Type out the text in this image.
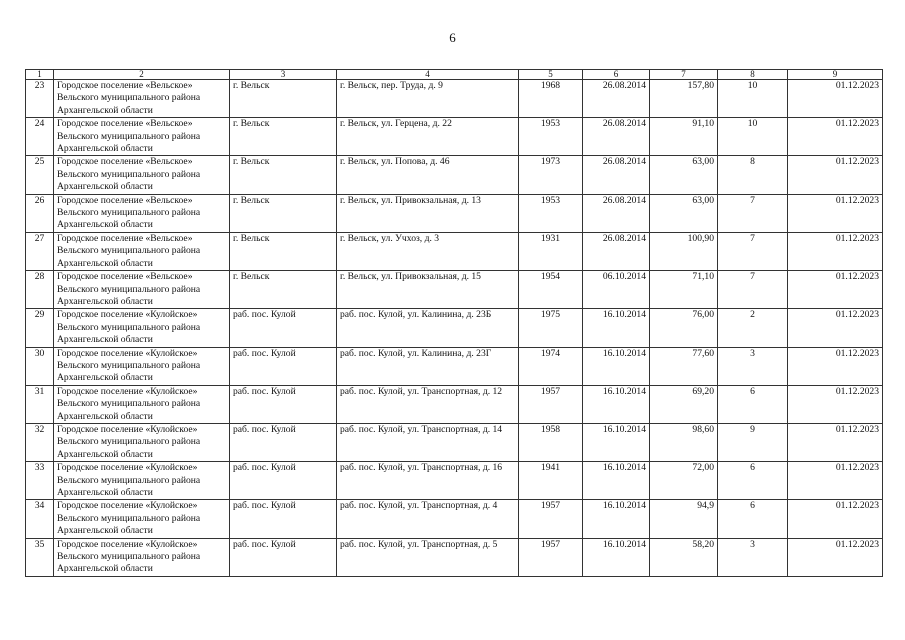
6
1	2	3	4	5	6	7	8	9
23	Городское поселение «Вельское» Вельского муниципального района Архангельской области	г. Вельск	г. Вельск, пер. Труда, д. 9	1968	26.08.2014	157,80	10	01.12.2023
24	Городское поселение «Вельское» Вельского муниципального района Архангельской области	г. Вельск	г. Вельск, ул. Герцена, д. 22	1953	26.08.2014	91,10	10	01.12.2023
25	Городское поселение «Вельское» Вельского муниципального района Архангельской области	г. Вельск	г. Вельск, ул. Попова, д. 46	1973	26.08.2014	63,00	8	01.12.2023
26	Городское поселение «Вельское» Вельского муниципального района Архангельской области	г. Вельск	г. Вельск, ул. Привокзальная, д. 13	1953	26.08.2014	63,00	7	01.12.2023
27	Городское поселение «Вельское» Вельского муниципального района Архангельской области	г. Вельск	г. Вельск, ул. Учхоз, д. 3	1931	26.08.2014	100,90	7	01.12.2023
28	Городское поселение «Вельское» Вельского муниципального района Архангельской области	г. Вельск	г. Вельск, ул. Привокзальная, д. 15	1954	06.10.2014	71,10	7	01.12.2023
29	Городское поселение «Кулойское» Вельского муниципального района Архангельской области	раб. пос. Кулой	раб. пос. Кулой, ул. Калинина, д. 23Б	1975	16.10.2014	76,00	2	01.12.2023
30	Городское поселение «Кулойское» Вельского муниципального района Архангельской области	раб. пос. Кулой	раб. пос. Кулой, ул. Калинина, д. 23Г	1974	16.10.2014	77,60	3	01.12.2023
31	Городское поселение «Кулойское» Вельского муниципального района Архангельской области	раб. пос. Кулой	раб. пос. Кулой, ул. Транспортная, д. 12	1957	16.10.2014	69,20	6	01.12.2023
32	Городское поселение «Кулойское» Вельского муниципального района Архангельской области	раб. пос. Кулой	раб. пос. Кулой, ул. Транспортная, д. 14	1958	16.10.2014	98,60	9	01.12.2023
33	Городское поселение «Кулойское» Вельского муниципального района Архангельской области	раб. пос. Кулой	раб. пос. Кулой, ул. Транспортная, д. 16	1941	16.10.2014	72,00	6	01.12.2023
34	Городское поселение «Кулойское» Вельского муниципального района Архангельской области	раб. пос. Кулой	раб. пос. Кулой, ул. Транспортная, д. 4	1957	16.10.2014	94,9	6	01.12.2023
35	Городское поселение «Кулойское» Вельского муниципального района Архангельской области	раб. пос. Кулой	раб. пос. Кулой, ул. Транспортная, д. 5	1957	16.10.2014	58,20	3	01.12.2023
